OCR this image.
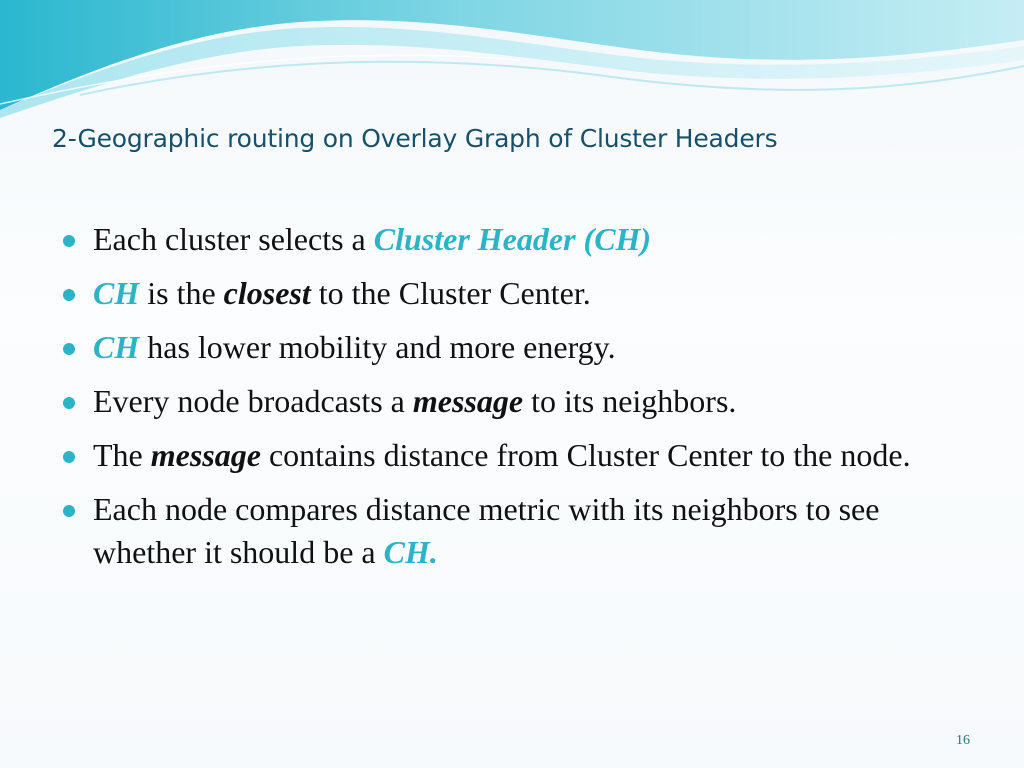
2-Geographic routing on Overlay Graph of Cluster Headers
Each cluster selects a Cluster Header (CH)
CH is the closest to the Cluster Center.
CH has lower mobility and more energy.
Every node broadcasts a message to its neighbors.
The message contains distance from Cluster Center to the node.
Each node compares distance metric with its neighbors to see whether it should be a CH.
16
